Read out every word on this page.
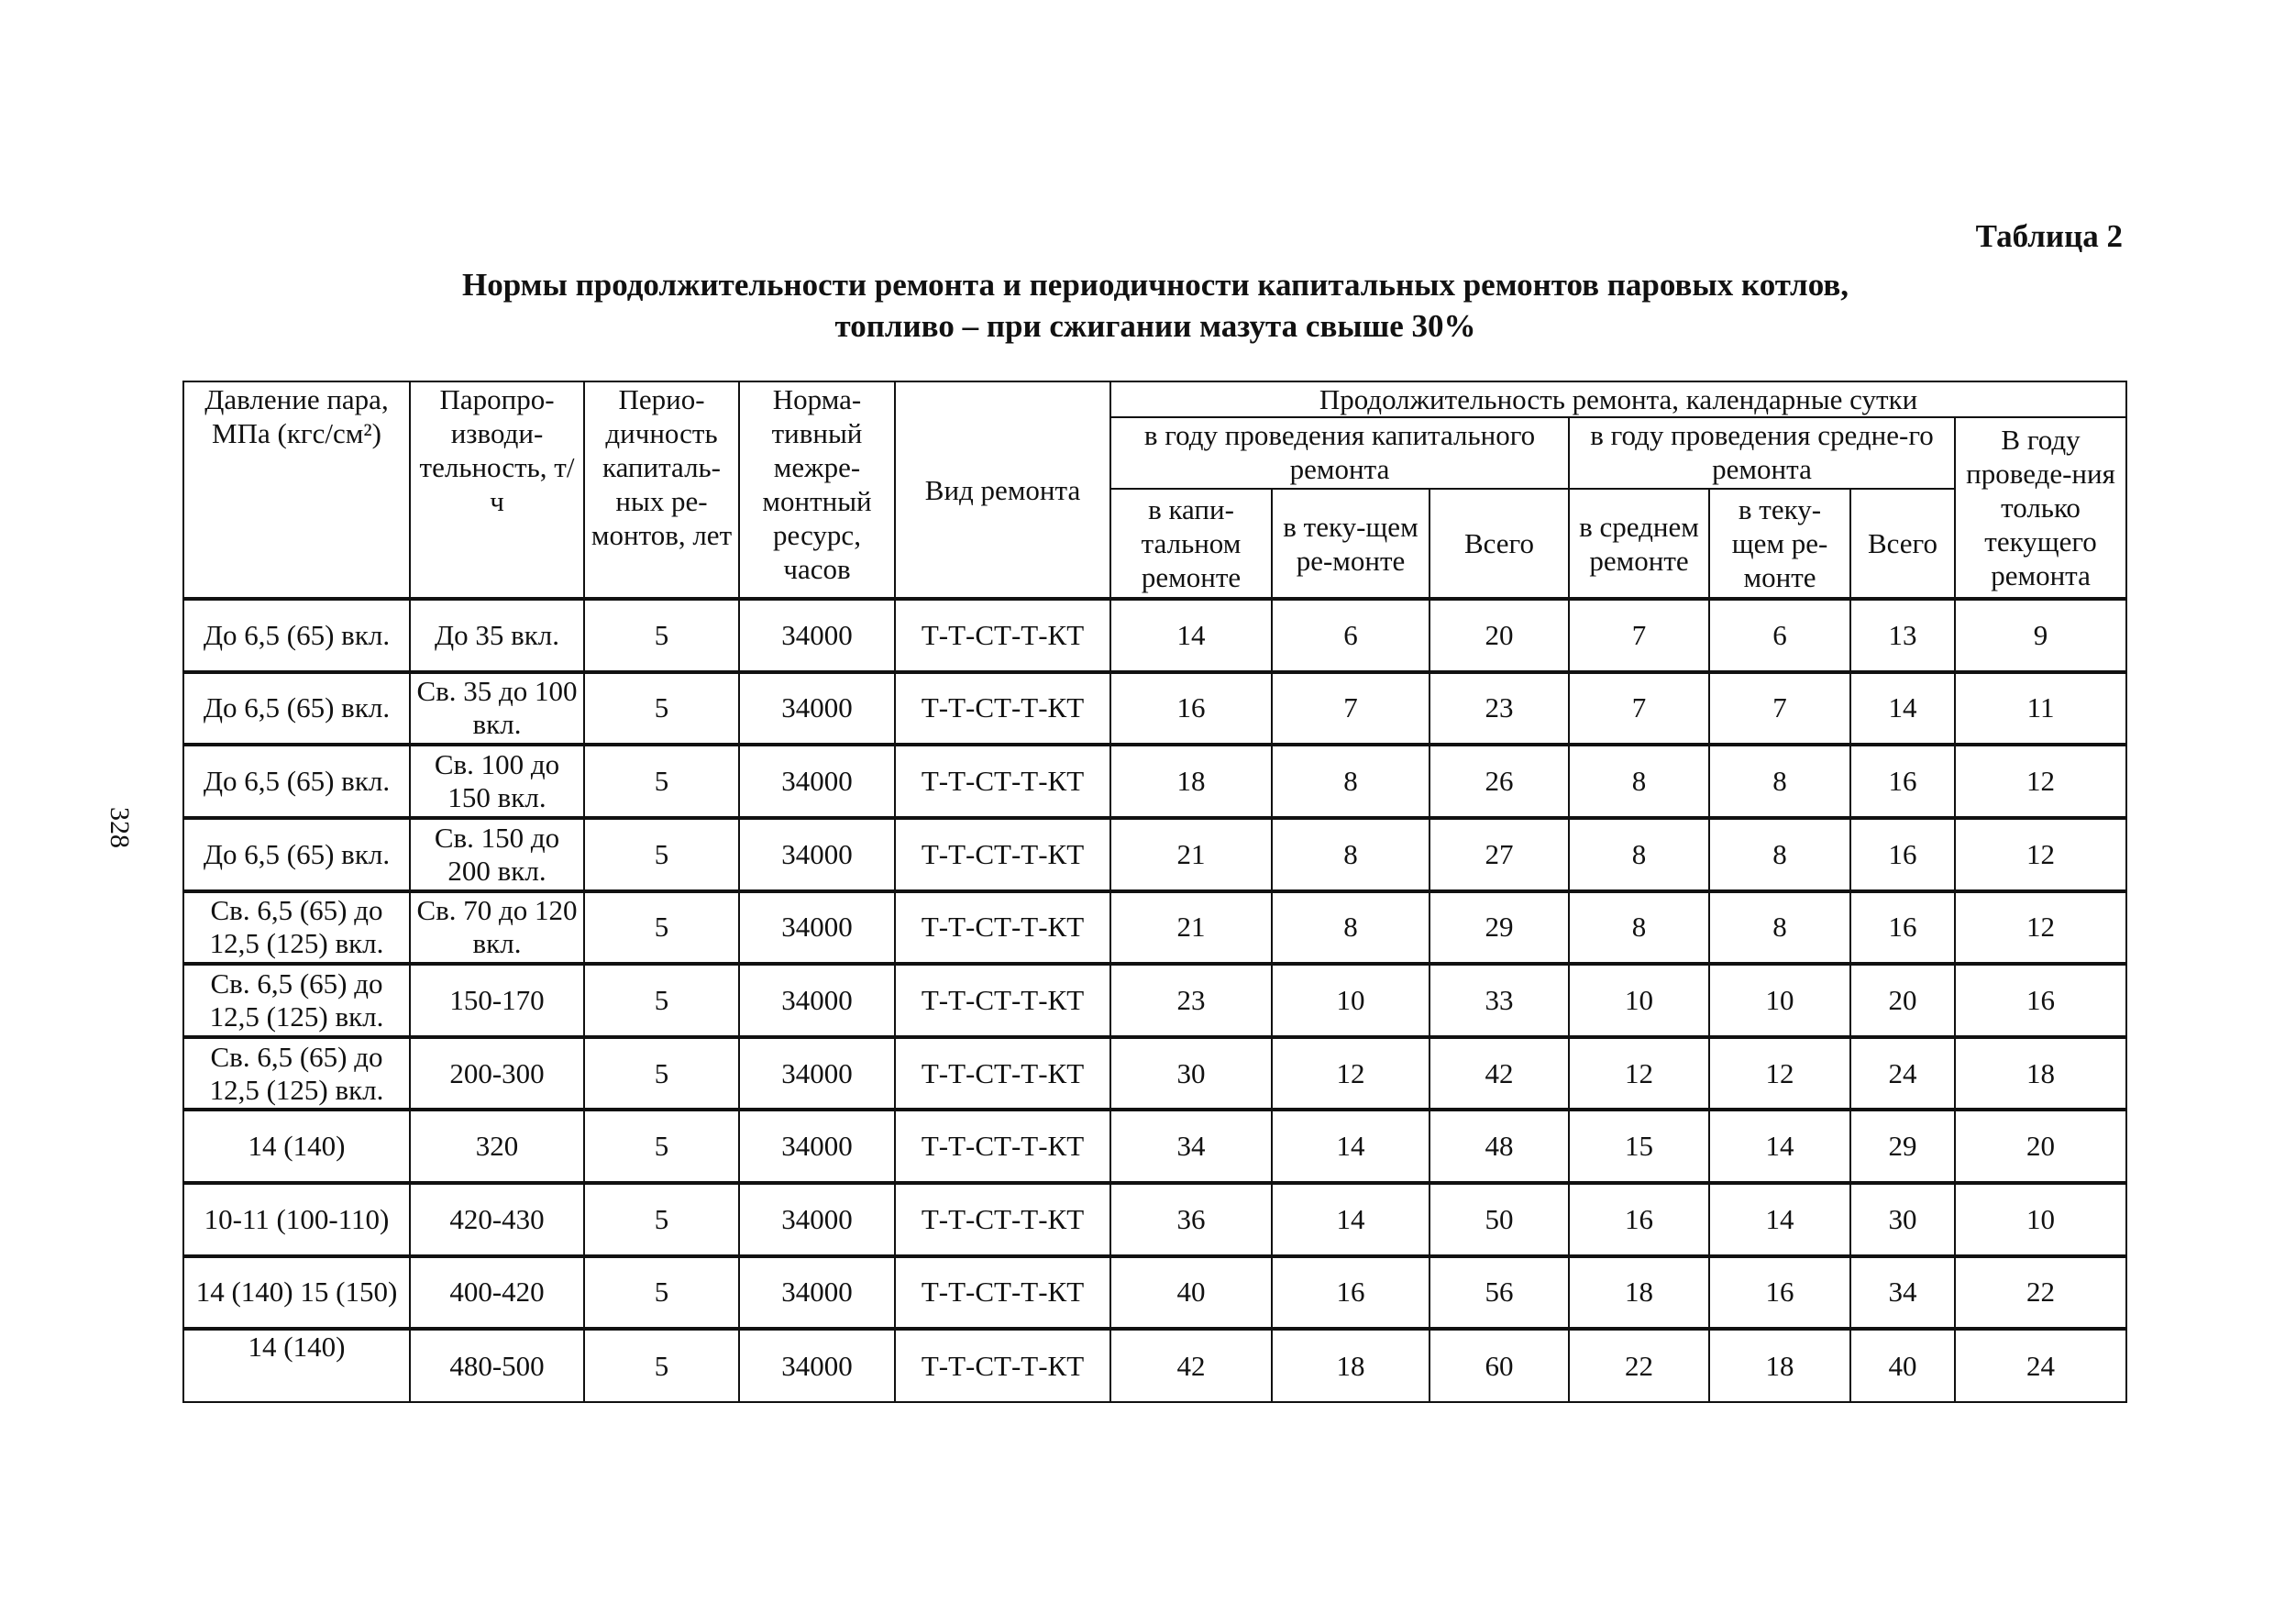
Таблица 2
Нормы продолжительности ремонта и периодичности капитальных ремонтов паровых котлов,
топливо – при сжигании мазута свыше 30%
328
Давление пара, МПа (кгс/см²)	Паропро-изводи-тельность, т/ч	Перио-дичность капиталь-ных ре-монтов, лет	Норма-тивный межре-монтный ресурс, часов	Вид ремонта	Продолжительность ремонта, календарные сутки						
					в году проведения капитального ремонта			в году проведения средне-го ремонта			В году проведе-ния только текущего ремонта
					в капи-тальном ремонте	в теку-щем ре-монте	Всего	в среднем ремонте	в теку-щем ре-монте	Всего	
До 6,5 (65) вкл.	До 35 вкл.	5	34000	Т-Т-СТ-Т-КТ	14	6	20	7	6	13	9
До 6,5 (65) вкл.	Св. 35 до 100 вкл.	5	34000	Т-Т-СТ-Т-КТ	16	7	23	7	7	14	11
До 6,5 (65) вкл.	Св. 100 до 150 вкл.	5	34000	Т-Т-СТ-Т-КТ	18	8	26	8	8	16	12
До 6,5 (65) вкл.	Св. 150 до 200 вкл.	5	34000	Т-Т-СТ-Т-КТ	21	8	27	8	8	16	12
Св. 6,5 (65) до 12,5 (125) вкл.	Св. 70 до 120 вкл.	5	34000	Т-Т-СТ-Т-КТ	21	8	29	8	8	16	12
Св. 6,5 (65) до 12,5 (125) вкл.	150-170	5	34000	Т-Т-СТ-Т-КТ	23	10	33	10	10	20	16
Св. 6,5 (65) до 12,5 (125) вкл.	200-300	5	34000	Т-Т-СТ-Т-КТ	30	12	42	12	12	24	18
14 (140)	320	5	34000	Т-Т-СТ-Т-КТ	34	14	48	15	14	29	20
10-11 (100-110)	420-430	5	34000	Т-Т-СТ-Т-КТ	36	14	50	16	14	30	10
14 (140) 15 (150)	400-420	5	34000	Т-Т-СТ-Т-КТ	40	16	56	18	16	34	22
14 (140)	480-500	5	34000	Т-Т-СТ-Т-КТ	42	18	60	22	18	40	24
